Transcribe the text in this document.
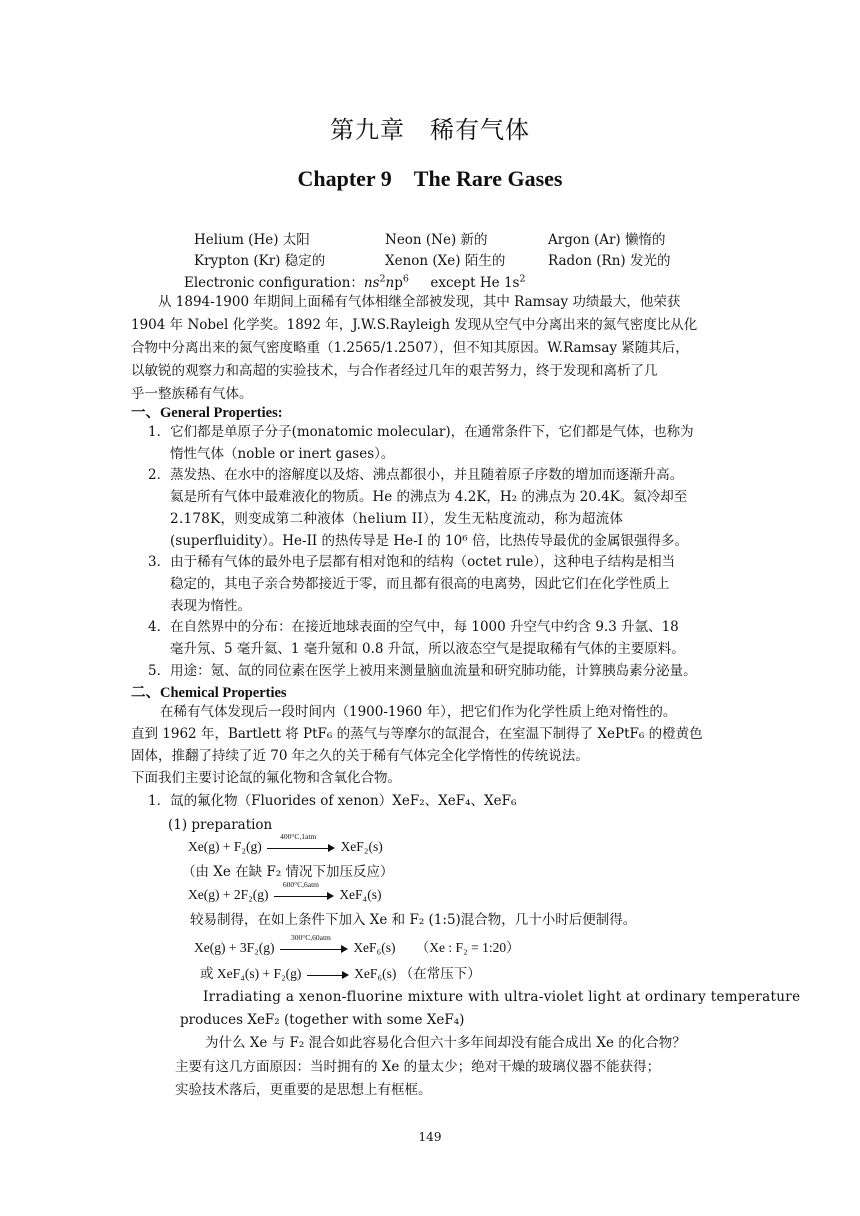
第九章　稀有气体
Chapter 9　The Rare Gases
Helium (He) 太阳	Neon (Ne) 新的	Argon (Ar) 懒惰的
Krypton (Kr) 稳定的	Xenon (Xe) 陌生的	Radon (Rn) 发光的
Electronic configuration：$ns^2np^6$ except He $1s^2$
从 1894-1900 年期间上面稀有气体相继全部被发现，其中 Ramsay 功绩最大，他荣获
1904 年 Nobel 化学奖。1892 年，J.W.S.Rayleigh 发现从空气中分离出来的氮气密度比从化
合物中分离出来的氮气密度略重（1.2565/1.2507），但不知其原因。W.Ramsay 紧随其后，
以敏锐的观察力和高超的实验技术，与合作者经过几年的艰苦努力，终于发现和离析了几
乎一整族稀有气体。
一、General Properties:
1．它们都是单原子分子(monatomic molecular)，在通常条件下，它们都是气体，也称为
惰性气体（noble or inert gases）。
2．蒸发热、在水中的溶解度以及熔、沸点都很小，并且随着原子序数的增加而逐渐升高。
氦是所有气体中最难液化的物质。He 的沸点为 4.2K，H₂ 的沸点为 20.4K。氦冷却至
2.178K，则变成第二种液体（helium II），发生无粘度流动，称为超流体
(superfluidity）。He-II 的热传导是 He-I 的 10⁶ 倍，比热传导最优的金属银强得多。
3．由于稀有气体的最外电子层都有相对饱和的结构（octet rule），这种电子结构是相当
稳定的，其电子亲合势都接近于零，而且都有很高的电离势，因此它们在化学性质上
表现为惰性。
4．在自然界中的分布：在接近地球表面的空气中，每 1000 升空气中约含 9.3 升氩、18
毫升氖、5 毫升氦、1 毫升氪和 0.8 升氙，所以液态空气是提取稀有气体的主要原料。
5．用途：氪、氙的同位素在医学上被用来测量脑血流量和研究肺功能，计算胰岛素分泌量。
二、Chemical Properties
在稀有气体发现后一段时间内（1900-1960 年），把它们作为化学性质上绝对惰性的。
直到 1962 年，Bartlett 将 PtF₆ 的蒸气与等摩尔的氙混合，在室温下制得了 XePtF₆ 的橙黄色
固体，推翻了持续了近 70 年之久的关于稀有气体完全化学惰性的传统说法。
下面我们主要讨论氙的氟化物和含氧化合物。
1．氙的氟化物（Fluorides of xenon）XeF₂、XeF₄、XeF₆
(1) preparation
Xe(g) + F₂(g)
400°C,1atm
XeF₂(s)
（由 Xe 在缺 F₂ 情况下加压反应）
Xe(g) + 2F₂(g)
600°C,6atm
XeF₄(s)
较易制得，在如上条件下加入 Xe 和 F₂ (1:5)混合物，几十小时后便制得。
Xe(g) + 3F₂(g)
300°C,60atm
XeF₆(s) （Xe : F₂ = 1:20）
或 XeF₄(s) + F₂(g)	XeF₆(s) （在常压下）
Irradiating a xenon-fluorine mixture with ultra-violet light at ordinary temperature
produces XeF₂ (together with some XeF₄)
为什么 Xe 与 F₂ 混合如此容易化合但六十多年间却没有能合成出 Xe 的化合物？
主要有这几方面原因：当时拥有的 Xe 的量太少；绝对干燥的玻璃仪器不能获得；
实验技术落后，更重要的是思想上有框框。
149
